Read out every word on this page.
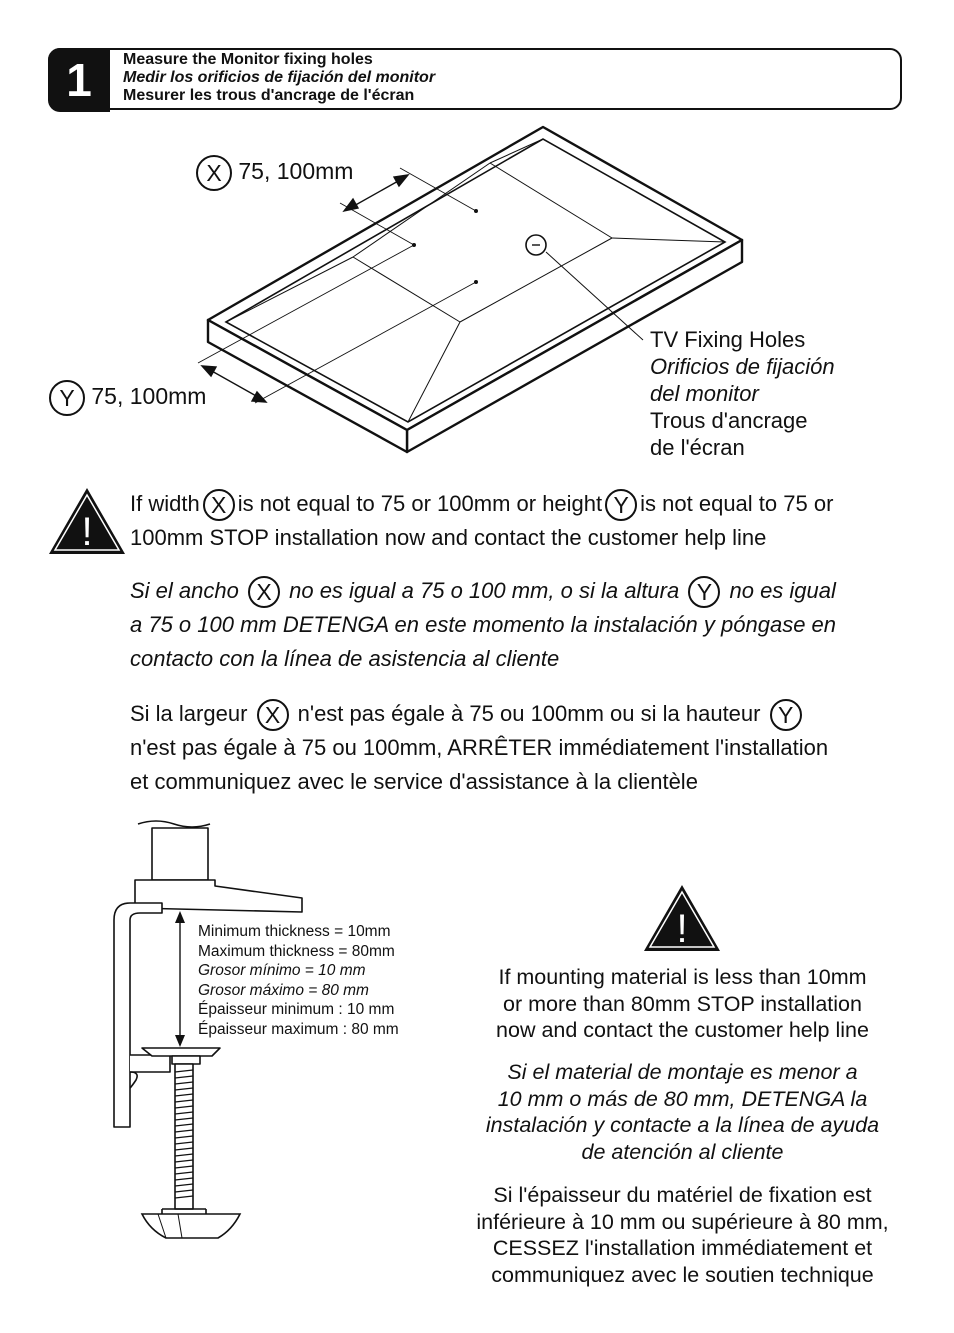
1	Measure the Monitor fixing holes
Medir los orificios de fijación del monitor
Mesurer les trous d'ancrage de l'écran
X 75, 100mm
Y 75, 100mm
TV Fixing Holes
Orificios de fijación
del monitor
Trous d'ancrage
de l'écran
!
If width X is not equal to 75 or 100mm or height Y is not equal to 75 or
100mm STOP installation now and contact the customer help line
Si el ancho X no es igual a 75 o 100 mm, o si la altura Y no es igual
a 75 o 100 mm DETENGA en este momento la instalación y póngase en
contacto con la línea de asistencia al cliente
Si la largeur X n'est pas égale à 75 ou 100mm ou si la hauteur Y
n'est pas égale à 75 ou 100mm, ARRÊTER immédiatement l'installation
et communiquez avec le service d'assistance à la clientèle
Minimum thickness = 10mm
Maximum thickness = 80mm
Grosor mínimo = 10 mm
Grosor máximo = 80 mm
Épaisseur minimum : 10 mm
Épaisseur maximum : 80 mm
!
If mounting material is less than 10mm
or more than 80mm STOP installation
now and contact the customer help line
Si el material de montaje es menor a
10 mm o más de 80 mm, DETENGA la
instalación y contacte a la línea de ayuda
de atención al cliente
Si l'épaisseur du matériel de fixation est
inférieure à 10 mm ou supérieure à 80 mm,
CESSEZ l'installation immédiatement et
communiquez avec le soutien technique
